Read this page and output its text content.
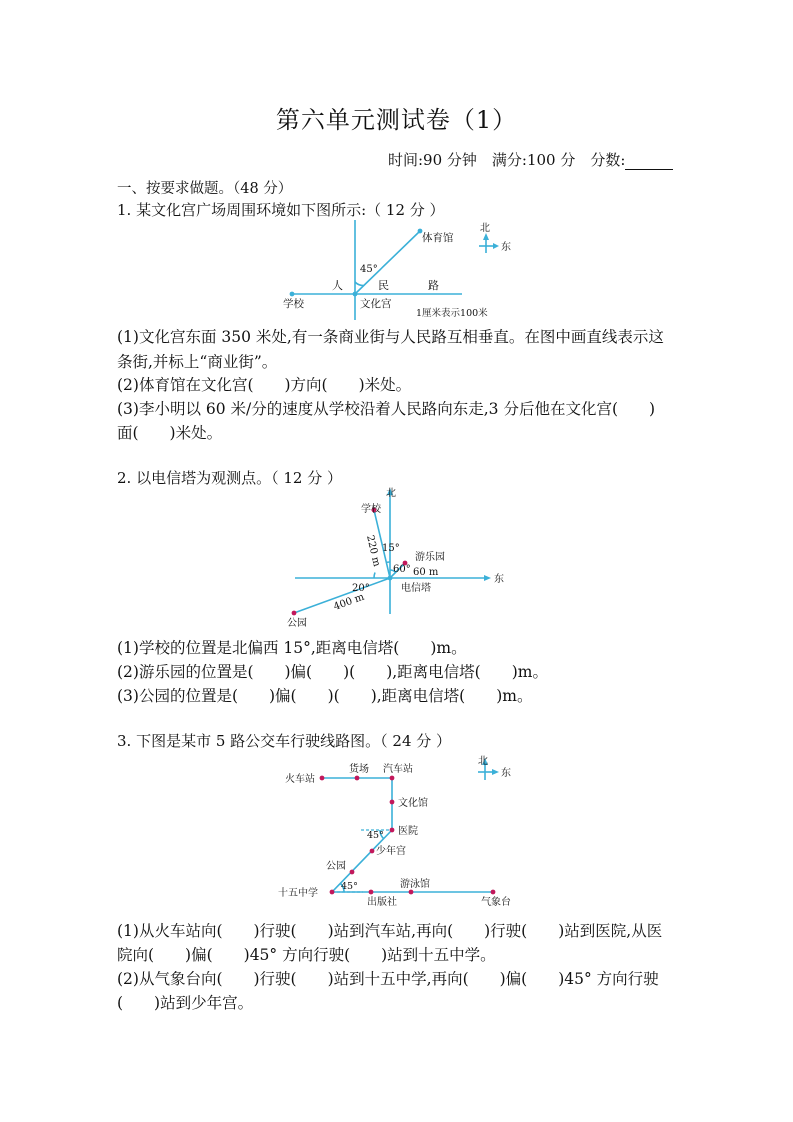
第六单元测试卷（1）
时间:90 分钟　满分:100 分　分数:
一、按要求做题。（48 分）
1. 某文化宫广场周围环境如下图所示:（ 12 分 ）
体育馆
45°
人	民	路
学校	文化宫
1厘米表示100米
北
东
(1)文化宫东面 350 米处,有一条商业街与人民路互相垂直。在图中画直线表示这
条街,并标上“商业街”。
(2)体育馆在文化宫(　　)方向(　　)米处。
(3)李小明以 60 米/分的速度从学校沿着人民路向东走,3 分后他在文化宫(　　)
面(　　)米处。
2. 以电信塔为观测点。（ 12 分 ）
北
东
学校
220 m 15°
游乐园
60° 60 m
电信塔
20°
400 m
公园
(1)学校的位置是北偏西 15°,距离电信塔(　　)m。
(2)游乐园的位置是(　　)偏(　　)(　　),距离电信塔(　　)m。
(3)公园的位置是(　　)偏(　　)(　　),距离电信塔(　　)m。
3. 下图是某市 5 路公交车行驶线路图。（ 24 分 ）
北
东
火车站
货场 汽车站
文化馆
医院
45°
少年宫
公园
十五中学
45°
出版社
游泳馆
气象台
(1)从火车站向(　　)行驶(　　)站到汽车站,再向(　　)行驶(　　)站到医院,从医
院向(　　)偏(　　)45° 方向行驶(　　)站到十五中学。
(2)从气象台向(　　)行驶(　　)站到十五中学,再向(　　)偏(　　)45° 方向行驶
(　　)站到少年宫。
